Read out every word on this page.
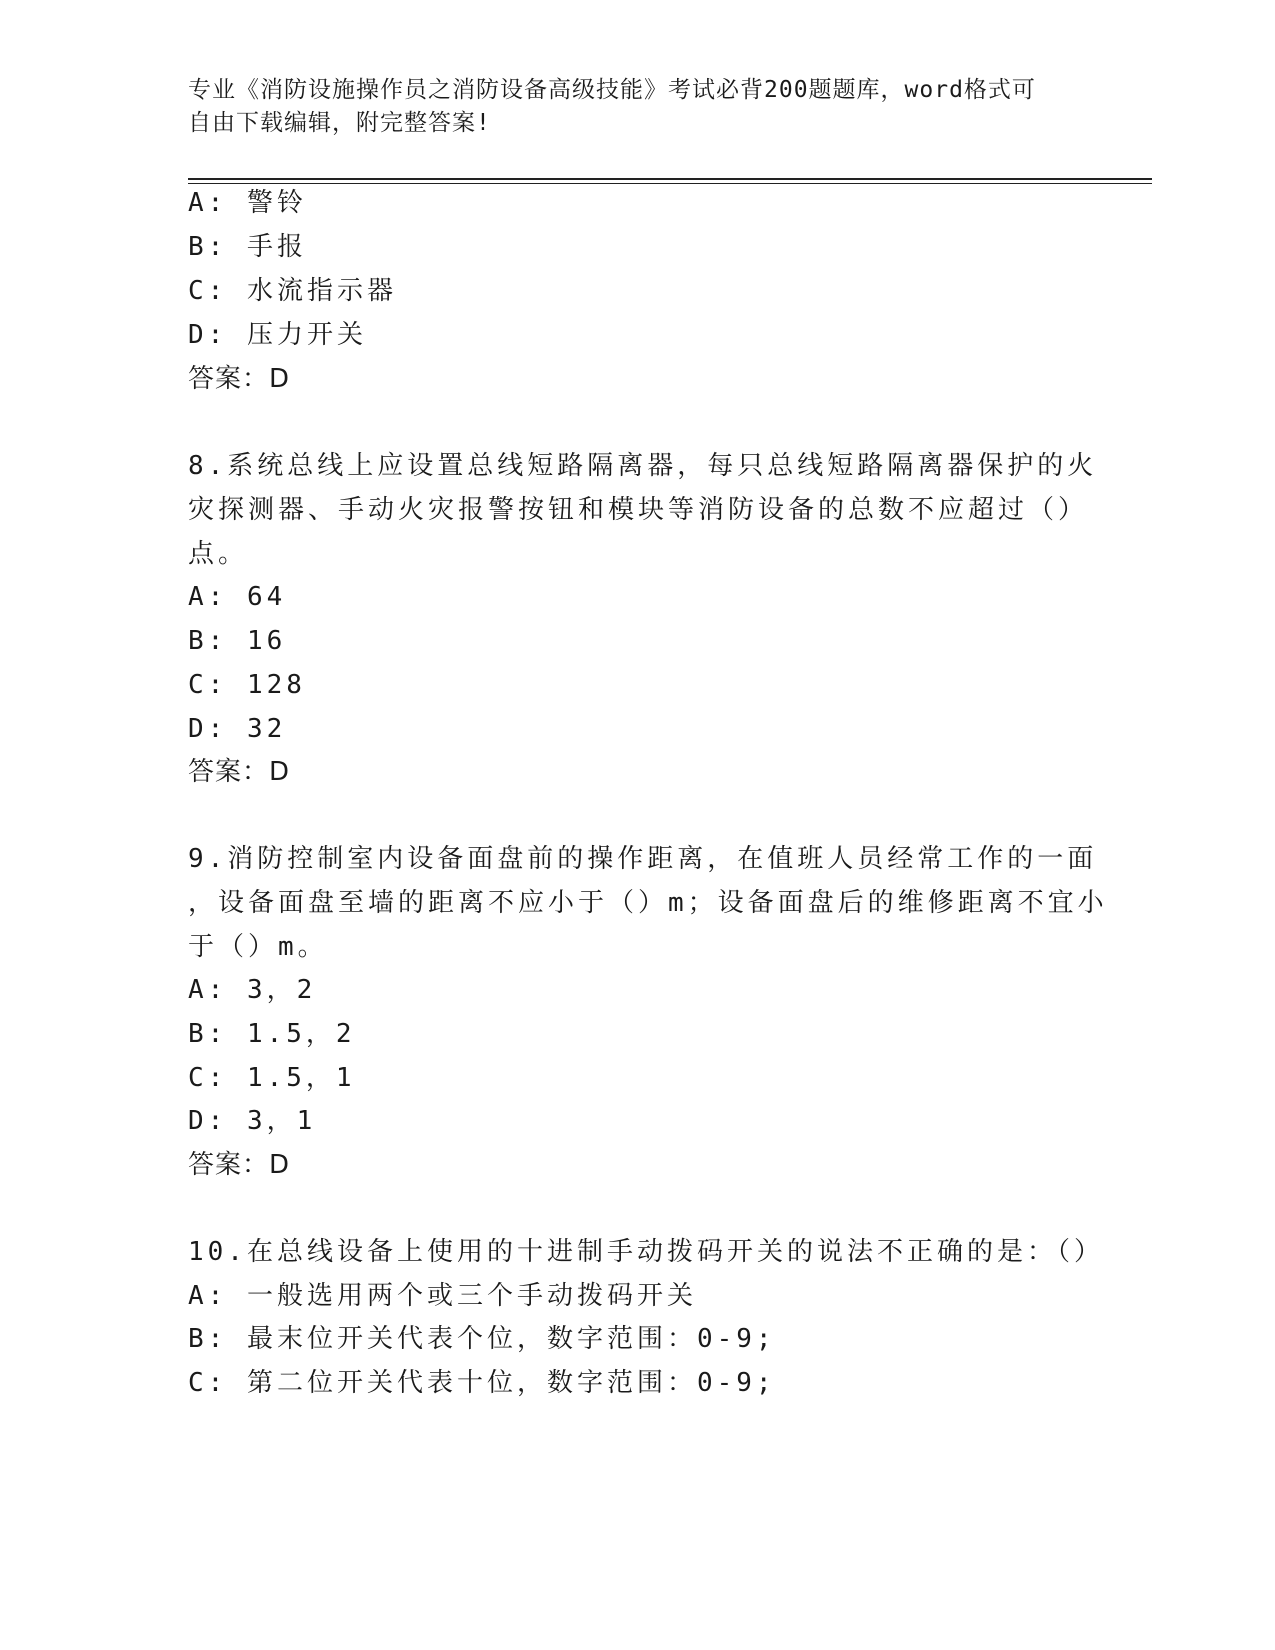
专业《消防设施操作员之消防设备高级技能》考试必背200题题库，word格式可
自由下载编辑，附完整答案!
A: 警铃
B: 手报
C: 水流指示器
D: 压力开关
答案：D
8.系统总线上应设置总线短路隔离器，每只总线短路隔离器保护的火
灾探测器、手动火灾报警按钮和模块等消防设备的总数不应超过（）
点。
A: 64
B: 16
C: 128
D: 32
答案：D
9.消防控制室内设备面盘前的操作距离，在值班人员经常工作的一面
，设备面盘至墙的距离不应小于（）m；设备面盘后的维修距离不宜小
于（）m。
A: 3，2
B: 1.5，2
C: 1.5，1
D: 3，1
答案：D
10.在总线设备上使用的十进制手动拨码开关的说法不正确的是：（）
A: 一般选用两个或三个手动拨码开关
B: 最末位开关代表个位，数字范围：0-9;
C: 第二位开关代表十位，数字范围：0-9;
